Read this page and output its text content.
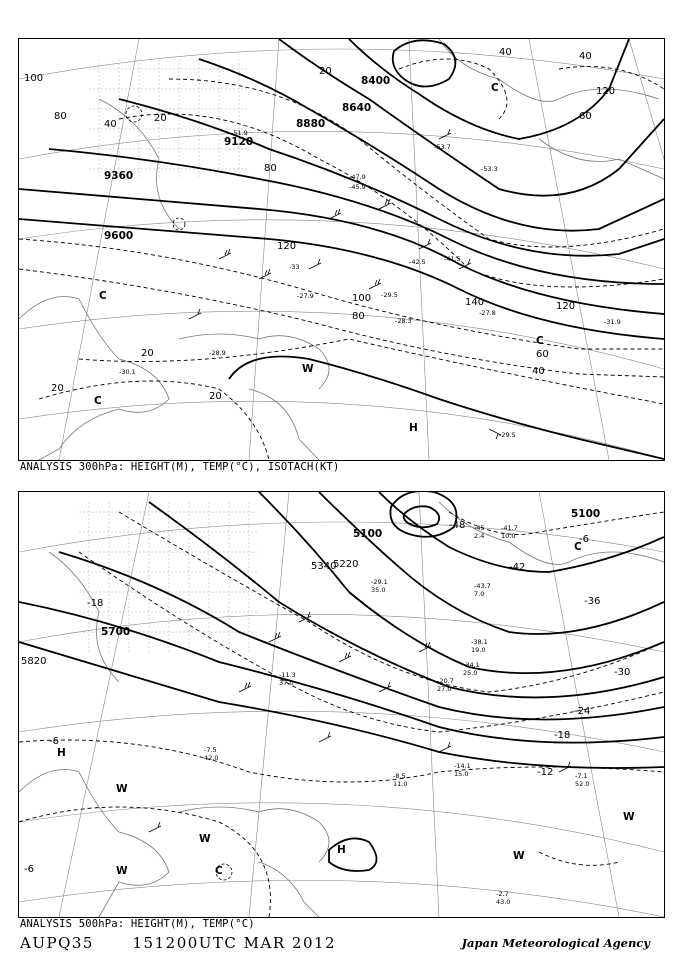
9600
9360
9120
8880
8640
8400
100
80
40
20
20
40
80
100
120
140	120
60
40
20
20
80
60
40
20
120
-29.5
-30.1
-28.9
-27.9
-28.3
-27.8
-29.5
-31.9
-45.9
-47.9
-51.9
-53.3
-53.7
-41.5
-42.5
-33
C
C
C
W
H
C
ANALYSIS 300hPa: HEIGHT(M), TEMP(°C), ISOTACH(KT)
5820
5700
5340
5220
5100
5100
-18
-42
-36
-30
-24
-18
-12
-6
-6
-6
-48
H
W
W
W	C
H	W
W
C
-2.7
43.0
-7.1
52.0
-8.5
11.0
-14.1
15.0
-20.7
27.0
-34.1
25.0
-38.1
19.0
-43.7
7.0
-41.7
10.0
-45
2.4
-29.1
35.0
-11.3
37.0
-7.5
42.0
ANALYSIS 500hPa: HEIGHT(M), TEMP(°C)
AUPQ35	151200UTC MAR 2012	Japan Meteorological Agency
